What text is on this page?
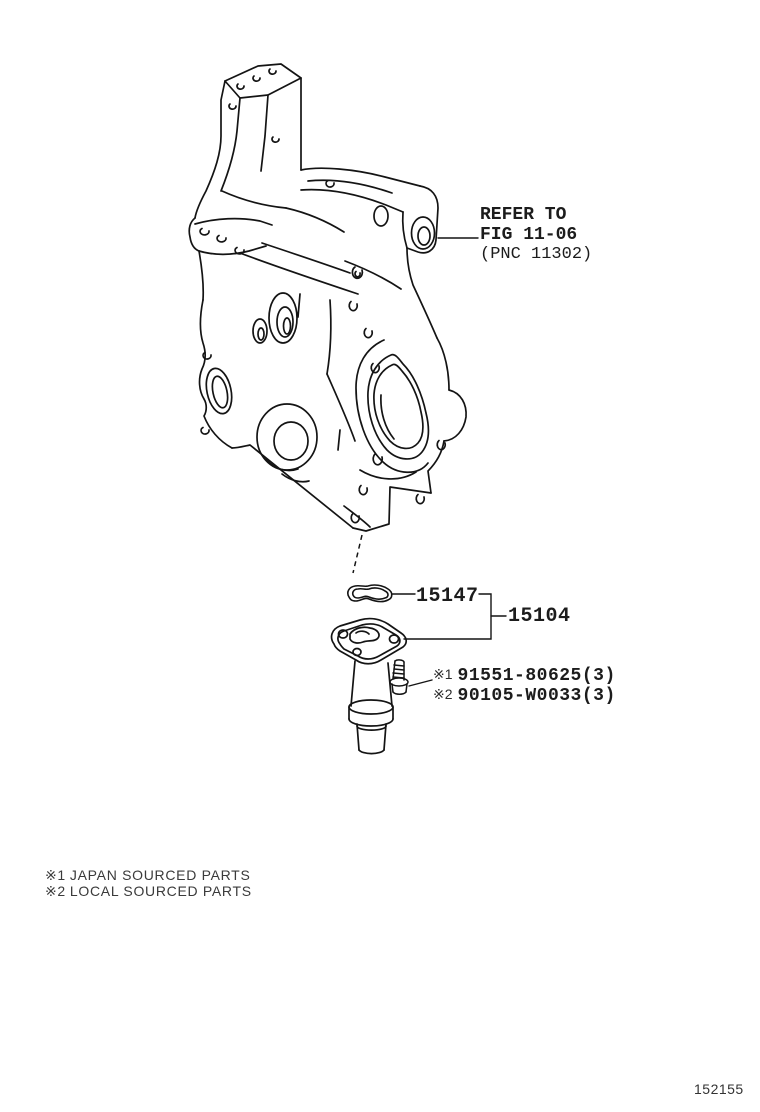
REFER TO
FIG 11-06
(PNC 11302)
15147
15104
※1 91551-80625(3)
※2 90105-W0033(3)
※1 JAPAN SOURCED PARTS
※2 LOCAL SOURCED PARTS
152155
